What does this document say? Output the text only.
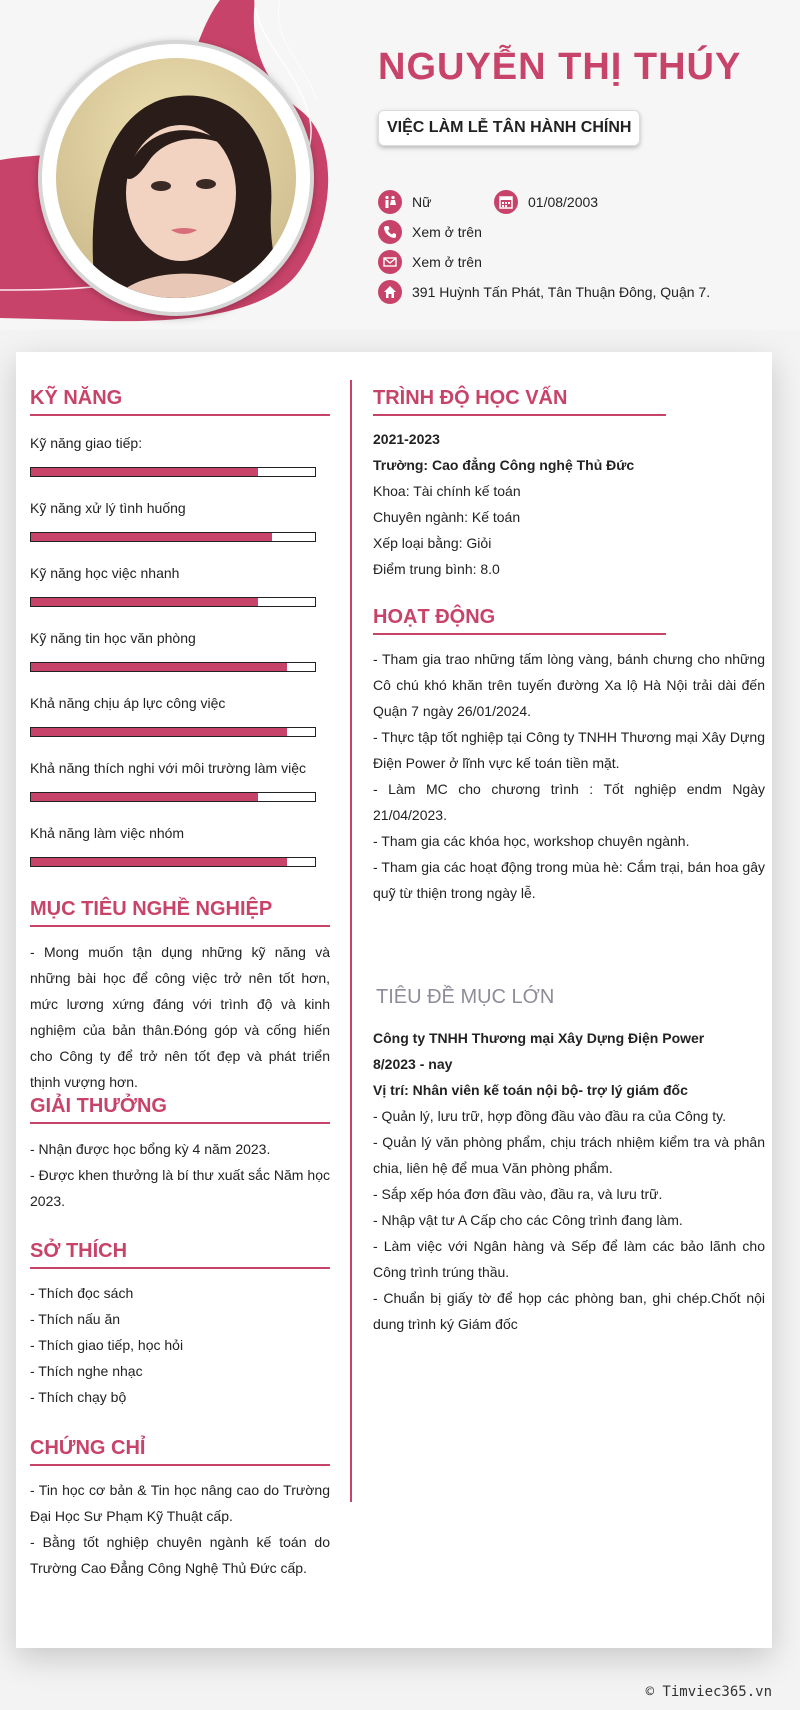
NGUYỄN THỊ THÚY
VIỆC LÀM LỄ TÂN HÀNH CHÍNH
Nữ	01/08/2003
Xem ở trên
Xem ở trên
391 Huỳnh Tấn Phát, Tân Thuận Đông, Quận 7.
KỸ NĂNG
Kỹ năng giao tiếp:
Kỹ năng xử lý tình huống
Kỹ năng học việc nhanh
Kỹ năng tin học văn phòng
Khả năng chịu áp lực công việc
Khả năng thích nghi với môi trường làm việc
Khả năng làm việc nhóm
MỤC TIÊU NGHỀ NGHIỆP
- Mong muốn tận dụng những kỹ năng và những bài học để công việc trở nên tốt hơn, mức lương xứng đáng với trình độ và kinh nghiệm của bản thân.Đóng góp và cống hiến cho Công ty để trở nên tốt đẹp và phát triển thịnh vượng hơn.
GIẢI THƯỞNG
- Nhận được học bổng kỳ 4 năm 2023.
- Được khen thưởng là bí thư xuất sắc Năm học 2023.
SỞ THÍCH
- Thích đọc sách
- Thích nấu ăn
- Thích giao tiếp, học hỏi
- Thích nghe nhạc
- Thích chạy bộ
CHỨNG CHỈ
- Tin học cơ bản & Tin học nâng cao do Trường Đại Học Sư Phạm Kỹ Thuật cấp.
- Bằng tốt nghiệp chuyên ngành kế toán do Trường Cao Đẳng Công Nghệ Thủ Đức cấp.
TRÌNH ĐỘ HỌC VẤN
2021-2023
Trường: Cao đẳng Công nghệ Thủ Đức
Khoa: Tài chính kế toán
Chuyên ngành: Kế toán
Xếp loại bằng: Giỏi
Điểm trung bình: 8.0
HOẠT ĐỘNG
- Tham gia trao những tấm lòng vàng, bánh chưng cho những Cô chú khó khăn trên tuyến đường Xa lộ Hà Nội trải dài đến Quận 7 ngày 26/01/2024.
- Thực tập tốt nghiệp tại Công ty TNHH Thương mại Xây Dựng Điện Power ở lĩnh vực kế toán tiền mặt.
- Làm MC cho chương trình : Tốt nghiệp endm Ngày 21/04/2023.
- Tham gia các khóa học, workshop chuyên ngành.
- Tham gia các hoạt động trong mùa hè: Cắm trại, bán hoa gây quỹ từ thiện trong ngày lễ.
TIÊU ĐỀ MỤC LỚN
Công ty TNHH Thương mại Xây Dựng Điện Power
8/2023 - nay
Vị trí: Nhân viên kế toán nội bộ- trợ lý giám đốc
- Quản lý, lưu trữ, hợp đồng đầu vào đầu ra của Công ty.
- Quản lý văn phòng phẩm, chịu trách nhiệm kiểm tra và phân chia, liên hệ để mua Văn phòng phẩm.
- Sắp xếp hóa đơn đầu vào, đầu ra, và lưu trữ.
- Nhập vật tư A Cấp cho các Công trình đang làm.
- Làm việc với Ngân hàng và Sếp để làm các bảo lãnh cho Công trình trúng thầu.
- Chuẩn bị giấy tờ để họp các phòng ban, ghi chép.Chốt nội dung trình ký Giám đốc
© Timviec365.vn
